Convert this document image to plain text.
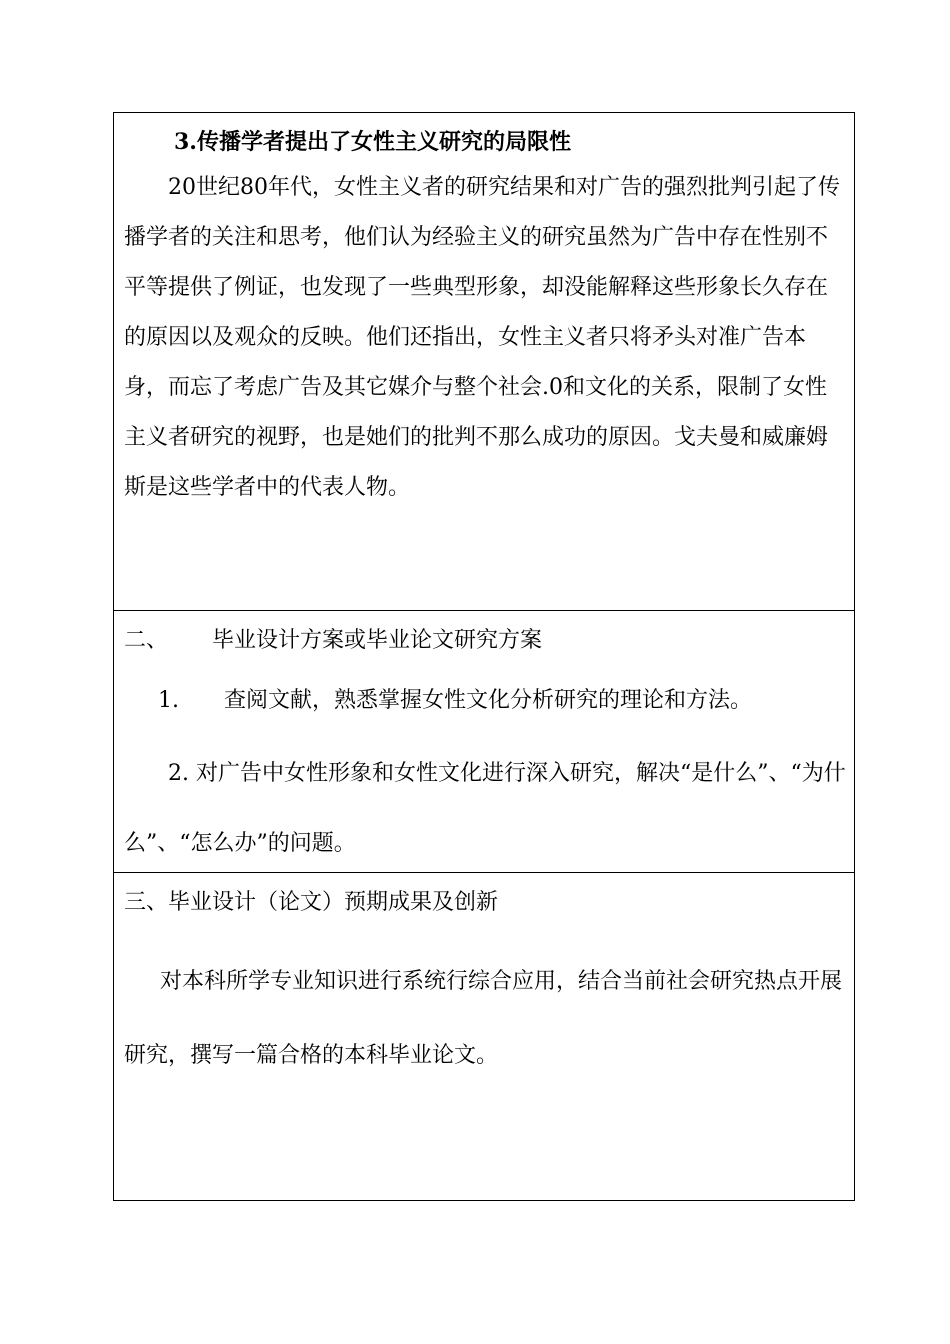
3.传播学者提出了女性主义研究的局限性

20世纪80年代，女性主义者的研究结果和对广告的强烈批判引起了传播学者的关注和思考，他们认为经验主义的研究虽然为广告中存在性别不平等提供了例证，也发现了一些典型形象，却没能解释这些形象长久存在的原因以及观众的反映。他们还指出，女性主义者只将矛头对准广告本身，而忘了考虑广告及其它媒介与整个社会.0和文化的关系，限制了女性主义者研究的视野，也是她们的批判不那么成功的原因。戈夫曼和威廉姆斯是这些学者中的代表人物。

二、 毕业设计方案或毕业论文研究方案
1. 查阅文献，熟悉掌握女性文化分析研究的理论和方法。

2. 对广告中女性形象和女性文化进行深入研究，解决“是什么”、“为什么”、“怎么办”的问题。

三、毕业设计（论文）预期成果及创新

对本科所学专业知识进行系统行综合应用，结合当前社会研究热点开展研究，撰写一篇合格的本科毕业论文。
